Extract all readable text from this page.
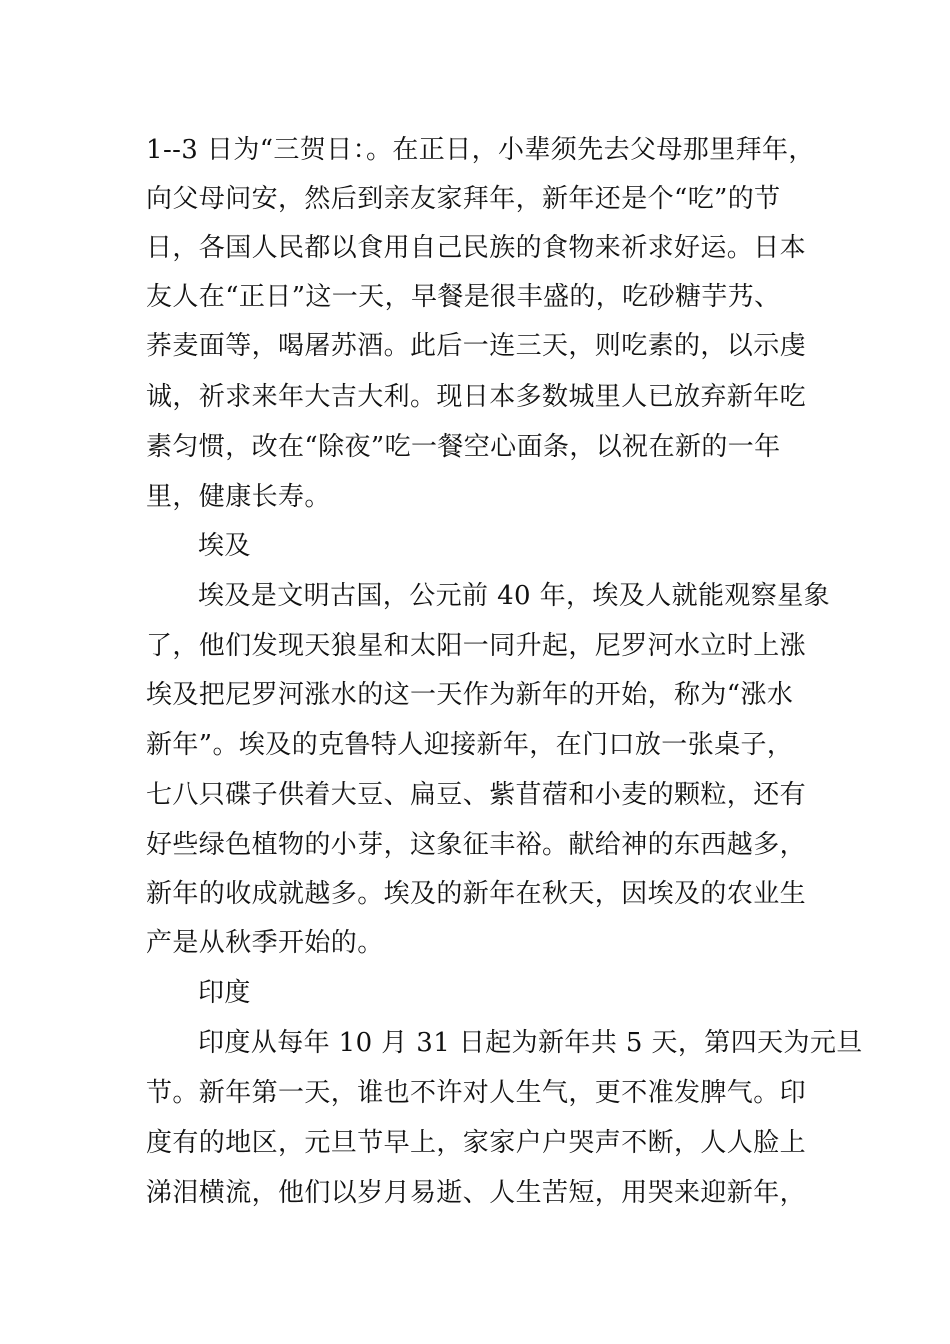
1--3 日为“三贺日：。在正日，小辈须先去父母那里拜年，
向父母问安，然后到亲友家拜年，新年还是个“吃”的节
日，各国人民都以食用自己民族的食物来祈求好运。日本
友人在“正日”这一天，早餐是很丰盛的，吃砂糖芋艿、
荞麦面等，喝屠苏酒。此后一连三天，则吃素的，以示虔
诚，祈求来年大吉大利。现日本多数城里人已放弃新年吃
素匀惯，改在“除夜”吃一餐空心面条，以祝在新的一年
里，健康长寿。
埃及
埃及是文明古国，公元前 40 年，埃及人就能观察星象
了，他们发现天狼星和太阳一同升起，尼罗河水立时上涨
埃及把尼罗河涨水的这一天作为新年的开始，称为“涨水
新年”。埃及的克鲁特人迎接新年，在门口放一张桌子，
七八只碟子供着大豆、扁豆、紫苜蓿和小麦的颗粒，还有
好些绿色植物的小芽，这象征丰裕。献给神的东西越多，
新年的收成就越多。埃及的新年在秋天，因埃及的农业生
产是从秋季开始的。
印度
印度从每年 10 月 31 日起为新年共 5 天，第四天为元旦
节。新年第一天，谁也不许对人生气，更不准发脾气。印
度有的地区，元旦节早上，家家户户哭声不断，人人脸上
涕泪横流，他们以岁月易逝、人生苦短，用哭来迎新年，
